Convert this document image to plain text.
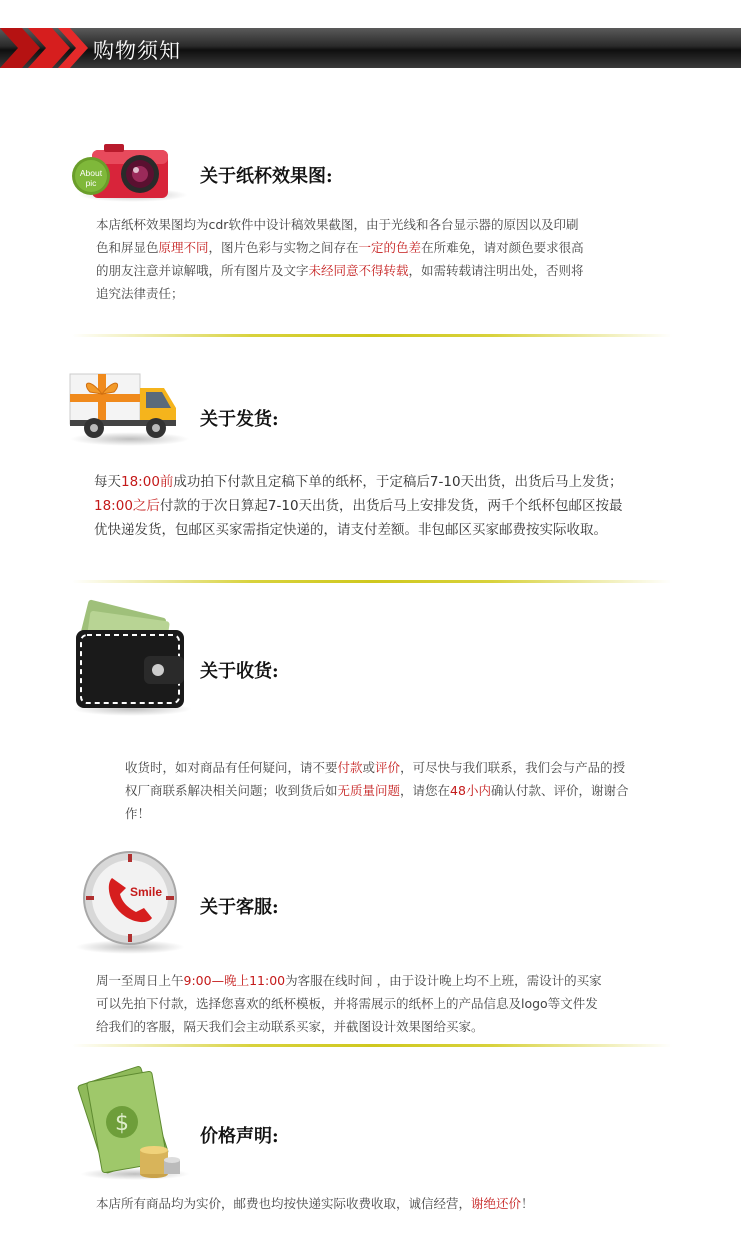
购物须知
About
pic	关于纸杯效果图:
本店纸杯效果图均为cdr软件中设计稿效果截图，由于光线和各台显示器的原因以及印刷
色和屏显色原理不同，图片色彩与实物之间存在一定的色差在所难免，请对颜色要求很高
的朋友注意并谅解哦，所有图片及文字未经同意不得转载，如需转载请注明出处，否则将
追究法律责任；
关于发货:
每天18:00前成功拍下付款且定稿下单的纸杯，于定稿后7-10天出货，出货后马上发货；
18:00之后付款的于次日算起7-10天出货，出货后马上安排发货，两千个纸杯包邮区按最
优快递发货，包邮区买家需指定快递的，请支付差额。非包邮区买家邮费按实际收取。
关于收货:
收货时，如对商品有任何疑问，请不要付款或评价，可尽快与我们联系，我们会与产品的授
权厂商联系解决相关问题；收到货后如无质量问题，请您在48小内确认付款、评价，谢谢合
作！
Smile
关于客服:
周一至周日上午9:00—晚上11:00为客服在线时间 ，由于设计晚上均不上班，需设计的买家
可以先拍下付款，选择您喜欢的纸杯模板，并将需展示的纸杯上的产品信息及logo等文件发
给我们的客服，隔天我们会主动联系买家，并截图设计效果图给买家。
$
价格声明:
本店所有商品均为实价，邮费也均按快递实际收费收取，诚信经营，谢绝还价！
